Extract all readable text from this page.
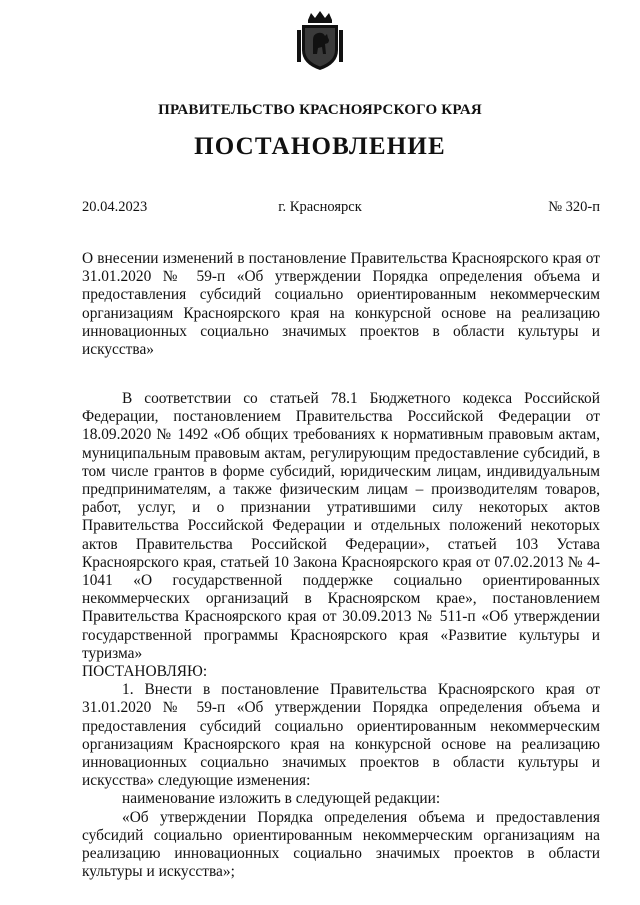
ПРАВИТЕЛЬСТВО КРАСНОЯРСКОГО КРАЯ
ПОСТАНОВЛЕНИЕ
20.04.2023	г. Красноярск	№ 320-п
О внесении изменений в постановление Правительства Красноярского края от 31.01.2020 № 59-п «Об утверждении Порядка определения объема и предоставления субсидий социально ориентированным некоммерческим организациям Красноярского края на конкурсной основе на реализацию инновационных социально значимых проектов в области культуры и искусства»

В соответствии со статьей 78.1 Бюджетного кодекса Российской Федерации, постановлением Правительства Российской Федерации от 18.09.2020 № 1492 «Об общих требованиях к нормативным правовым актам, муниципальным правовым актам, регулирующим предоставление субсидий, в том числе грантов в форме субсидий, юридическим лицам, индивидуальным предпринимателям, а также физическим лицам – производителям товаров, работ, услуг, и о признании утратившими силу некоторых актов Правительства Российской Федерации и отдельных положений некоторых актов Правительства Российской Федерации», статьей 103 Устава Красноярского края, статьей 10 Закона Красноярского края от 07.02.2013 № 4-1041 «О государственной поддержке социально ориентированных некоммерческих организаций в Красноярском крае», постановлением Правительства Красноярского края от 30.09.2013 № 511-п «Об утверждении государственной программы Красноярского края «Развитие культуры и туризма»

ПОСТАНОВЛЯЮ:

1. Внести в постановление Правительства Красноярского края от 31.01.2020 № 59-п «Об утверждении Порядка определения объема и предоставления субсидий социально ориентированным некоммерческим организациям Красноярского края на конкурсной основе на реализацию инновационных социально значимых проектов в области культуры и искусства» следующие изменения:

наименование изложить в следующей редакции:

«Об утверждении Порядка определения объема и предоставления субсидий социально ориентированным некоммерческим организациям на реализацию инновационных социально значимых проектов в области культуры и искусства»;
